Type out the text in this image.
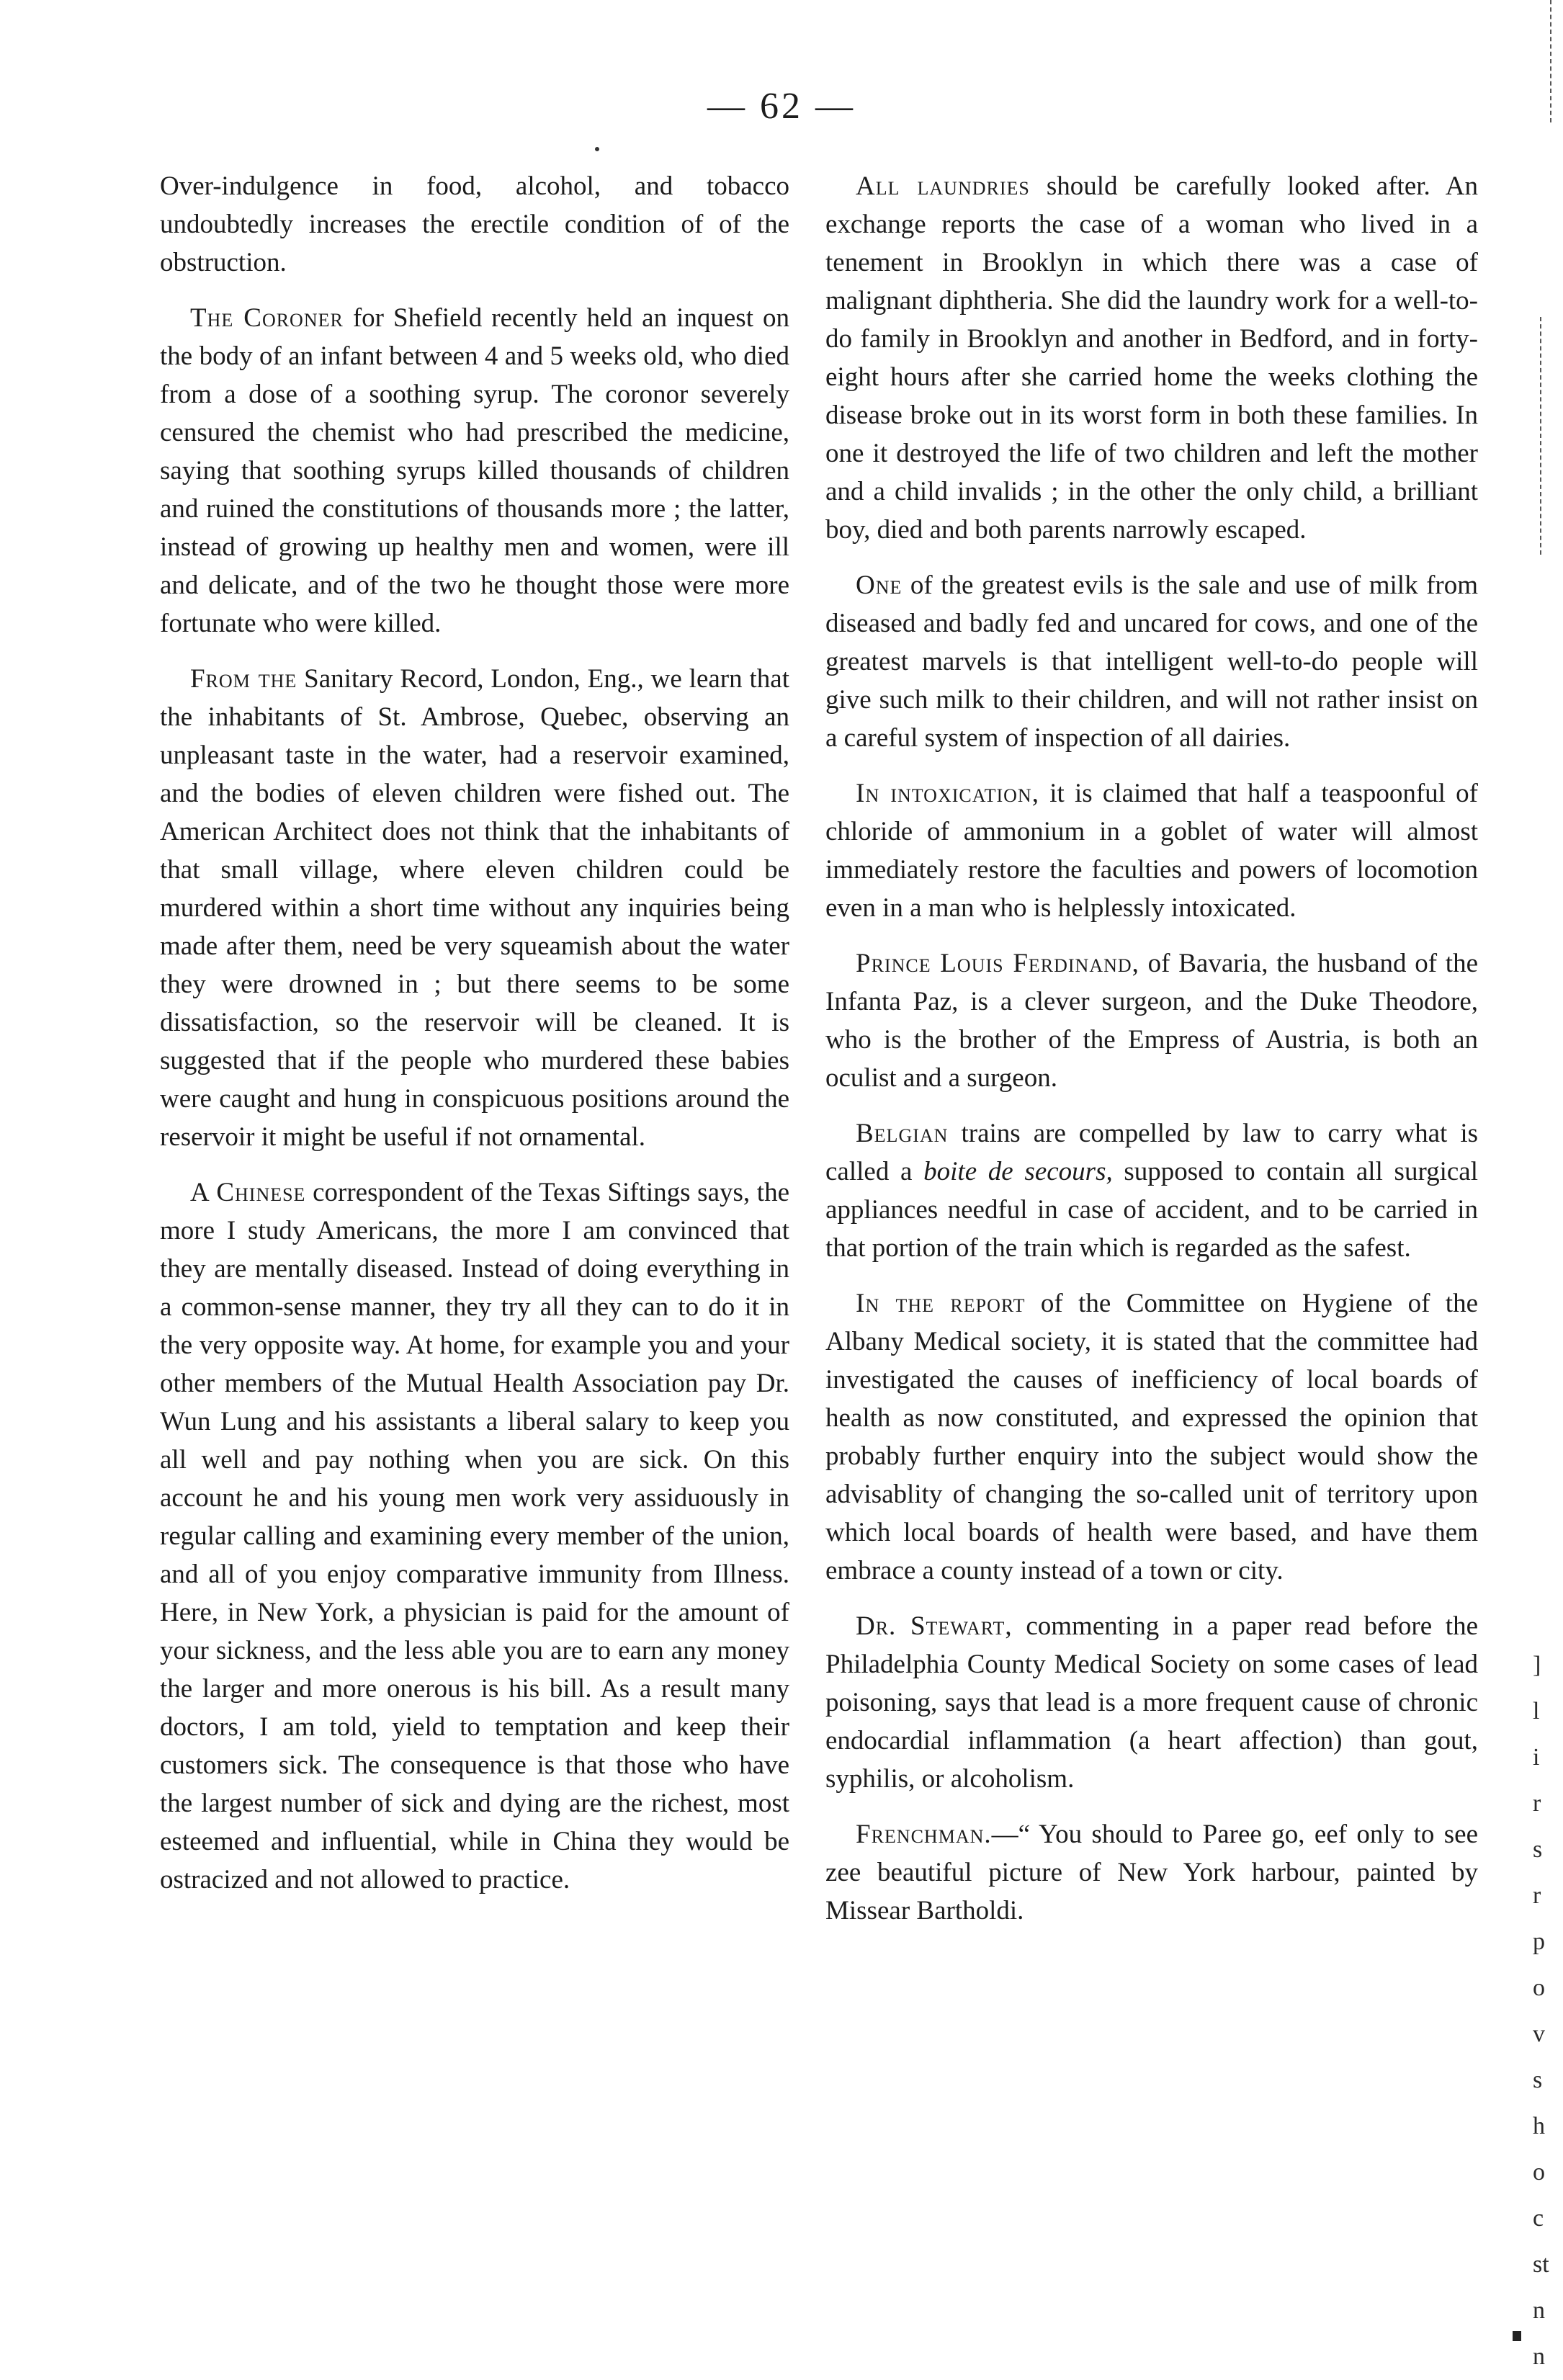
— 62 —

Over-indulgence in food, alcohol, and tobacco undoubtedly increases the erectile condition of of the obstruction.

The Coroner for Shefield recently held an inquest on the body of an infant between 4 and 5 weeks old, who died from a dose of a soothing syrup. The coronor severely censured the chemist who had prescribed the medicine, saying that soothing syrups killed thousands of children and ruined the constitutions of thousands more ; the latter, instead of growing up healthy men and women, were ill and delicate, and of the two he thought those were more fortunate who were killed.

From the Sanitary Record, London, Eng., we learn that the inhabitants of St. Ambrose, Quebec, observing an unpleasant taste in the water, had a reservoir examined, and the bodies of eleven children were fished out. The American Architect does not think that the inhabitants of that small village, where eleven children could be murdered within a short time without any inquiries being made after them, need be very squeamish about the water they were drowned in ; but there seems to be some dissatisfaction, so the reservoir will be cleaned. It is suggested that if the people who murdered these babies were caught and hung in conspicuous positions around the reservoir it might be useful if not ornamental.

A Chinese correspondent of the Texas Siftings says, the more I study Americans, the more I am convinced that they are mentally diseased. Instead of doing everything in a common-sense manner, they try all they can to do it in the very opposite way. At home, for example you and your other members of the Mutual Health Association pay Dr. Wun Lung and his assistants a liberal salary to keep you all well and pay nothing when you are sick. On this account he and his young men work very assiduously in regular calling and examining every member of the union, and all of you enjoy comparative immunity from Illness. Here, in New York, a physician is paid for the amount of your sickness, and the less able you are to earn any money the larger and more onerous is his bill. As a result many doctors, I am told, yield to temptation and keep their customers sick. The consequence is that those who have the largest number of sick and dying are the richest, most esteemed and influential, while in China they would be ostracized and not allowed to practice.

All laundries should be carefully looked after. An exchange reports the case of a woman who lived in a tenement in Brooklyn in which there was a case of malignant diphtheria. She did the laundry work for a well-to-do family in Brooklyn and another in Bedford, and in forty-eight hours after she carried home the weeks clothing the disease broke out in its worst form in both these families. In one it destroyed the life of two children and left the mother and a child invalids ; in the other the only child, a brilliant boy, died and both parents narrowly escaped.

One of the greatest evils is the sale and use of milk from diseased and badly fed and uncared for cows, and one of the greatest marvels is that intelligent well-to-do people will give such milk to their children, and will not rather insist on a careful system of inspection of all dairies.

In intoxication, it is claimed that half a teaspoonful of chloride of ammonium in a goblet of water will almost immediately restore the faculties and powers of locomotion even in a man who is helplessly intoxicated.

Prince Louis Ferdinand, of Bavaria, the husband of the Infanta Paz, is a clever surgeon, and the Duke Theodore, who is the brother of the Empress of Austria, is both an oculist and a surgeon.

Belgian trains are compelled by law to carry what is called a boite de secours, supposed to contain all surgical appliances needful in case of accident, and to be carried in that portion of the train which is regarded as the safest.

In the report of the Committee on Hygiene of the Albany Medical society, it is stated that the committee had investigated the causes of inefficiency of local boards of health as now constituted, and expressed the opinion that probably further enquiry into the subject would show the advisablity of changing the so-called unit of territory upon which local boards of health were based, and have them embrace a county instead of a town or city.

Dr. Stewart, commenting in a paper read before the Philadelphia County Medical Society on some cases of lead poisoning, says that lead is a more frequent cause of chronic endocardial inflammation (a heart affection) than gout, syphilis, or alcoholism.

Frenchman.—“ You should to Paree go, eef only to see zee beautiful picture of New York harbour, painted by Missear Bartholdi.

]
l
i
r
s
r
p
o
v
s
h
o
c
st
n
n
